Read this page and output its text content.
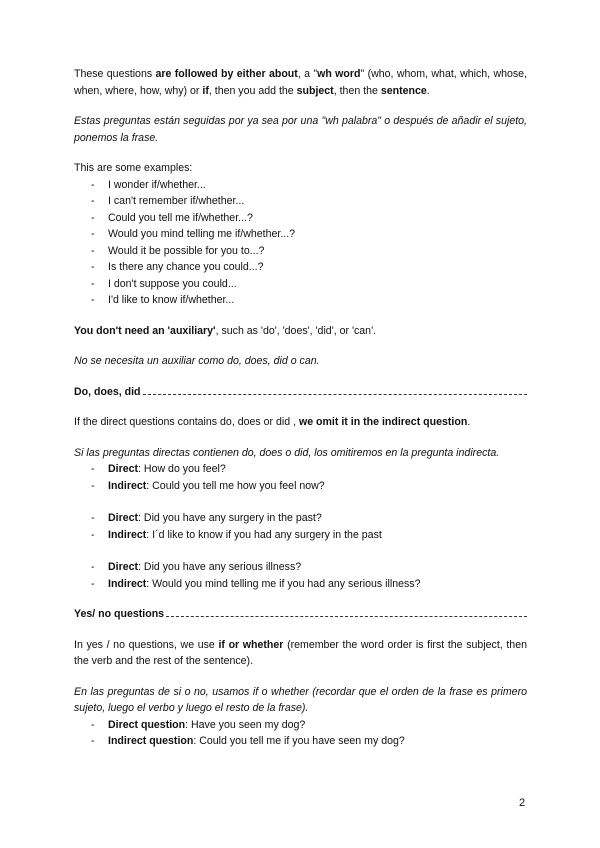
These questions are followed by either about, a "wh word" (who, whom, what, which, whose, when, where, how, why) or if, then you add the subject, then the sentence.

Estas preguntas están seguidas por ya sea por una "wh palabra" o después de añadir el sujeto, ponemos la frase.

This are some examples:

- I wonder if/whether...
- I can't remember if/whether...
- Could you tell me if/whether...?
- Would you mind telling me if/whether...?
- Would it be possible for you to...?
- Is there any chance you could...?
- I don't suppose you could...
- I'd like to know if/whether...

You don't need an 'auxiliary', such as 'do', 'does', 'did', or 'can'.

No se necesita un auxiliar como do, does, did o can.

Do, does, did

If the direct questions contains do, does or did , we omit it in the indirect question.

Si las preguntas directas contienen do, does o did, los omitiremos en la pregunta indirecta.

- Direct: How do you feel?
- Indirect: Could you tell me how you feel now?
- Direct: Did you have any surgery in the past?
- Indirect: I´d like to know if you had any surgery in the past
- Direct: Did you have any serious illness?
- Indirect: Would you mind telling me if you had any serious illness?
Yes/ no questions

In yes / no questions, we use if or whether (remember the word order is first the subject, then the verb and the rest of the sentence).

En las preguntas de si o no, usamos if o whether (recordar que el orden de la frase es primero sujeto, luego el verbo y luego el resto de la frase).

- Direct question: Have you seen my dog?
- Indirect question: Could you tell me if you have seen my dog?
2
